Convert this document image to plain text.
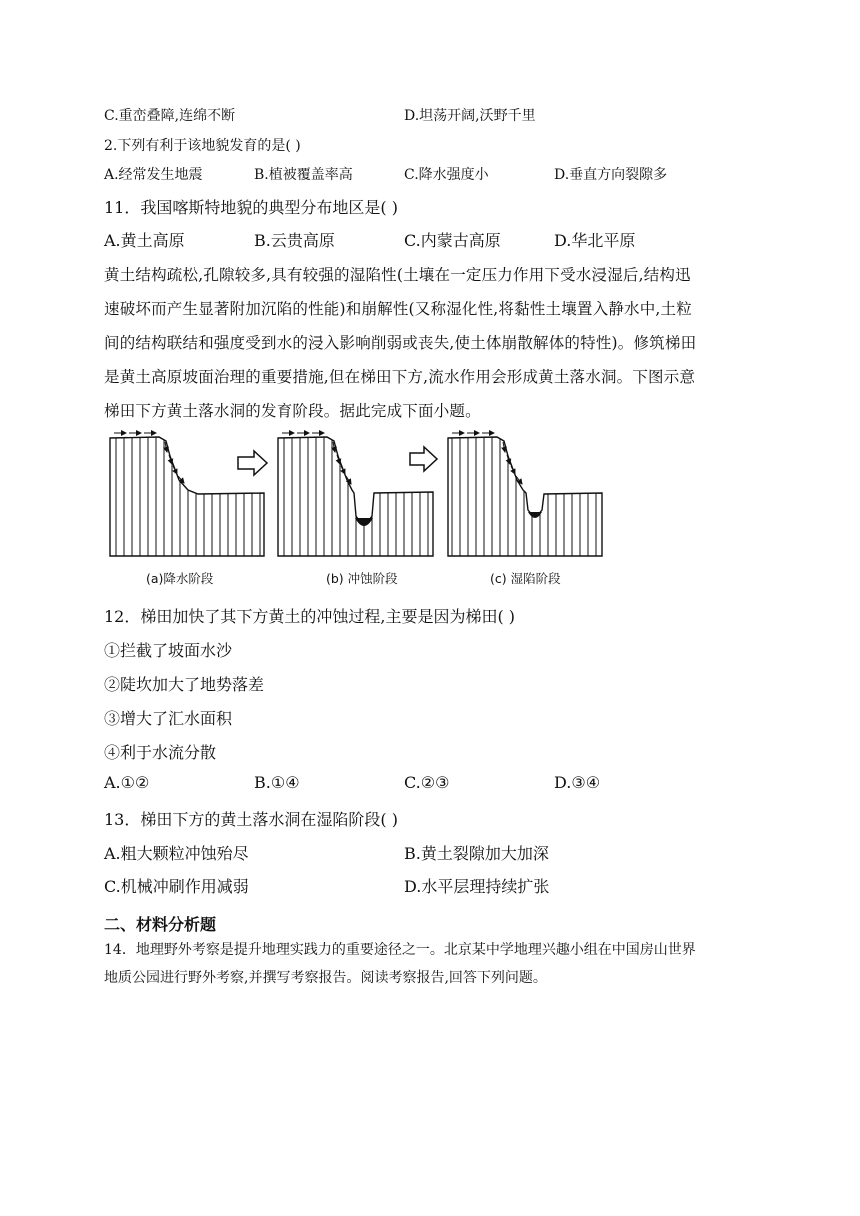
C.重峦叠障,连绵不断	D.坦荡开阔,沃野千里
2.下列有利于该地貌发育的是( )
A.经常发生地震	B.植被覆盖率高	C.降水强度小	D.垂直方向裂隙多
11．我国喀斯特地貌的典型分布地区是( )
A.黄土高原	B.云贵高原	C.内蒙古高原	D.华北平原
黄土结构疏松,孔隙较多,具有较强的湿陷性(土壤在一定压力作用下受水浸湿后,结构迅
速破坏而产生显著附加沉陷的性能)和崩解性(又称湿化性,将黏性土壤置入静水中,土粒
间的结构联结和强度受到水的浸入影响削弱或丧失,使土体崩散解体的特性)。修筑梯田
是黄土高原坡面治理的重要措施,但在梯田下方,流水作用会形成黄土落水洞。下图示意
梯田下方黄土落水洞的发育阶段。据此完成下面小题。
(a)降水阶段	(b) 冲蚀阶段	(c) 湿陷阶段
12．梯田加快了其下方黄土的冲蚀过程,主要是因为梯田( )
①拦截了坡面水沙
②陡坎加大了地势落差
③增大了汇水面积
④利于水流分散
A.①②	B.①④	C.②③	D.③④
13．梯田下方的黄土落水洞在湿陷阶段( )
A.粗大颗粒冲蚀殆尽	B.黄土裂隙加大加深
C.机械冲刷作用减弱	D.水平层理持续扩张
二、材料分析题
14．地理野外考察是提升地理实践力的重要途径之一。北京某中学地理兴趣小组在中国房山世界
地质公园进行野外考察,并撰写考察报告。阅读考察报告,回答下列问题。
